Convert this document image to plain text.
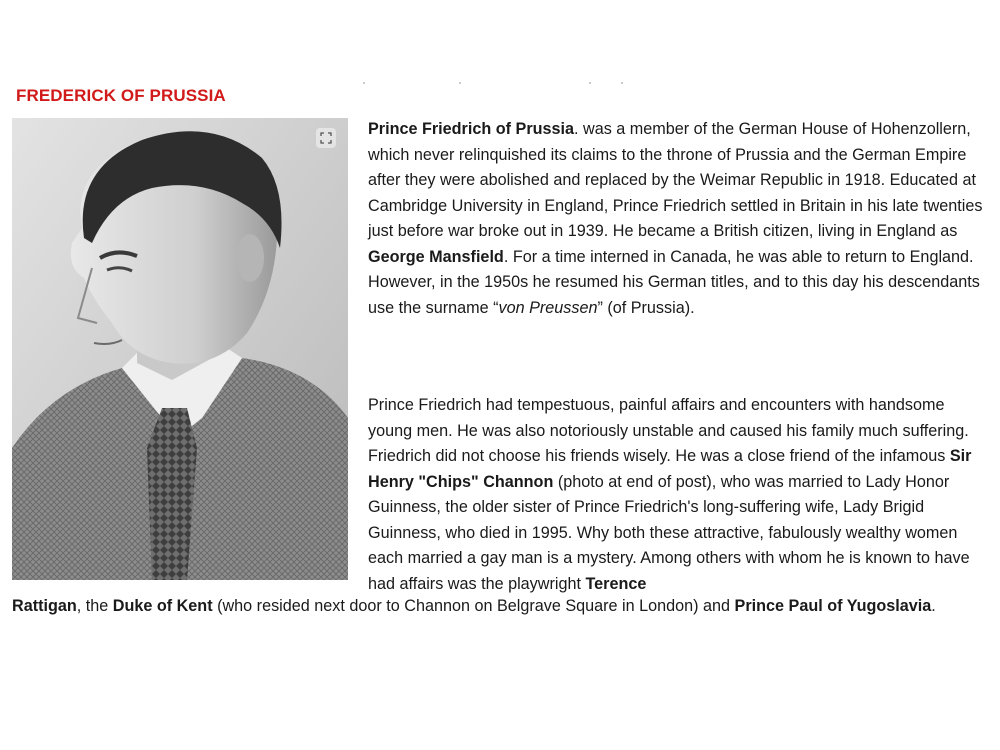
FREDERICK OF PRUSSIA

Prince Friedrich of Prussia. was a member of the German House of Hohenzollern, which never relinquished its claims to the throne of Prussia and the German Empire after they were abolished and replaced by the Weimar Republic in 1918. Educated at Cambridge University in England, Prince Friedrich settled in Britain in his late twenties just before war broke out in 1939. He became a British citizen, living in England as George Mansfield. For a time interned in Canada, he was able to return to England. However, in the 1950s he resumed his German titles, and to this day his descendants use the surname “von Preussen” (of Prussia).

Prince Friedrich had tempestuous, painful affairs and encounters with handsome young men. He was also notoriously unstable and caused his family much suffering. Friedrich did not choose his friends wisely. He was a close friend of the infamous Sir Henry "Chips" Channon (photo at end of post), who was married to Lady Honor Guinness, the older sister of Prince Friedrich's long-suffering wife, Lady Brigid Guinness, who died in 1995. Why both these attractive, fabulously wealthy women each married a gay man is a mystery. Among others with whom he is known to have had affairs was the playwright Terence

Rattigan, the Duke of Kent (who resided next door to Channon on Belgrave Square in London) and Prince Paul of Yugoslavia.
